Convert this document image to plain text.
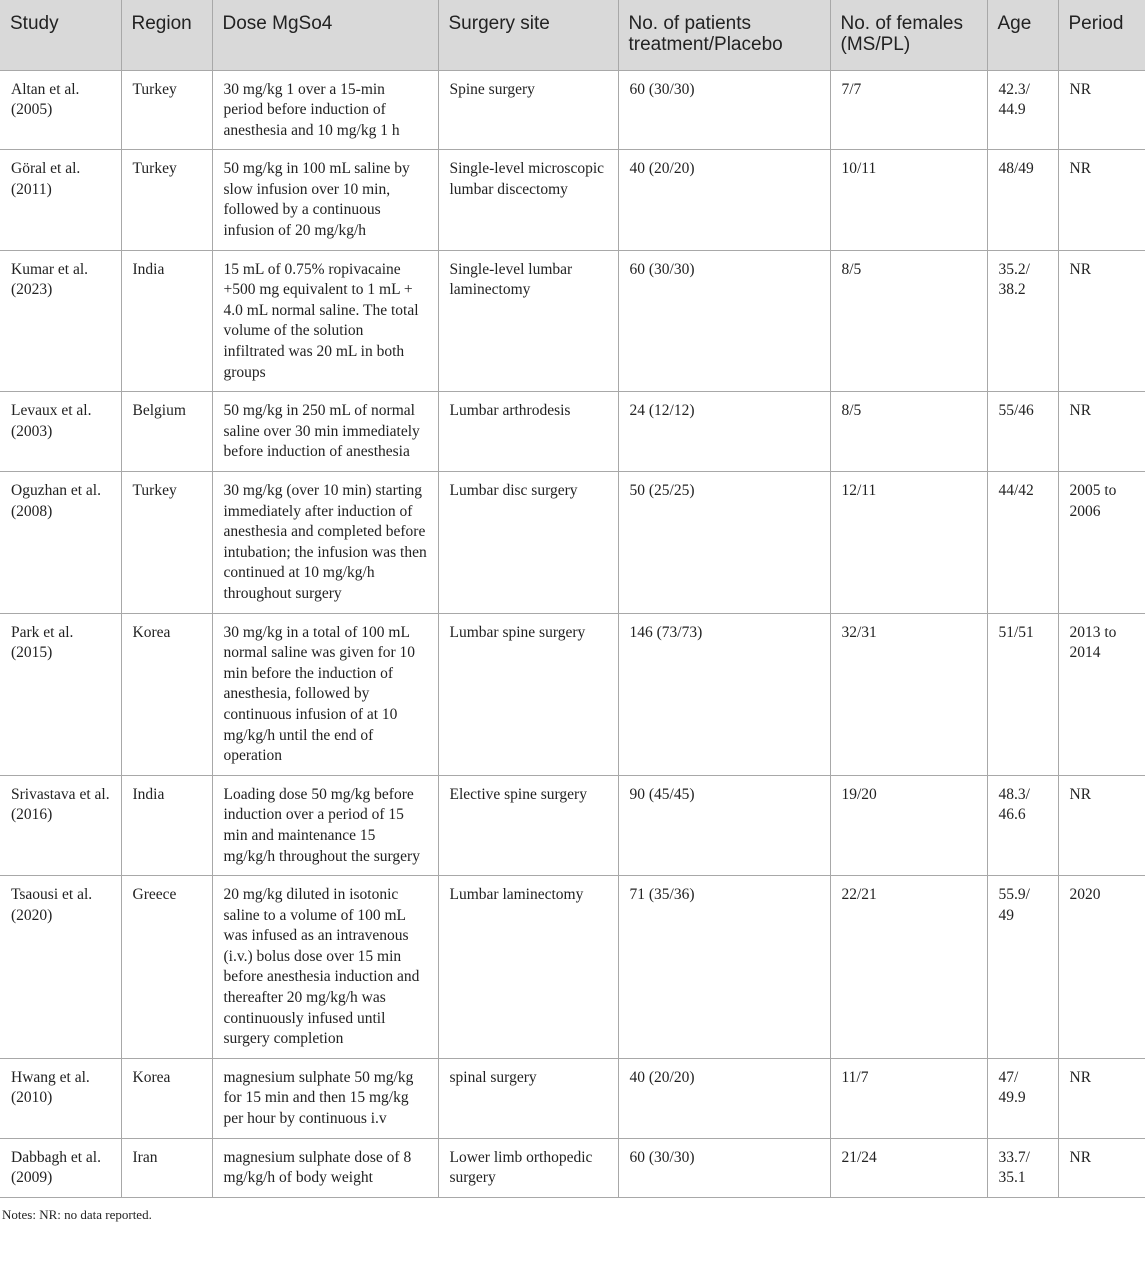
Study	Region	Dose MgSo4	Surgery site	No. of patients treatment/Placebo	No. of females (MS/PL)	Age	Period
Altan et al. (2005)	Turkey	30 mg/kg 1 over a 15-min period before induction of anesthesia and 10 mg/kg 1 h	Spine surgery	60 (30/30)	7/7	42.3/ 44.9	NR
Göral et al. (2011)	Turkey	50 mg/kg in 100 mL saline by slow infusion over 10 min, followed by a continuous infusion of 20 mg/kg/h	Single-level microscopic lumbar discectomy	40 (20/20)	10/11	48/49	NR
Kumar et al. (2023)	India	15 mL of 0.75% ropivacaine +500 mg equivalent to 1 mL + 4.0 mL normal saline. The total volume of the solution infiltrated was 20 mL in both groups	Single-level lumbar laminectomy	60 (30/30)	8/5	35.2/ 38.2	NR
Levaux et al. (2003)	Belgium	50 mg/kg in 250 mL of normal saline over 30 min immediately before induction of anesthesia	Lumbar arthrodesis	24 (12/12)	8/5	55/46	NR
Oguzhan et al. (2008)	Turkey	30 mg/kg (over 10 min) starting immediately after induction of anesthesia and completed before intubation; the infusion was then continued at 10 mg/kg/h throughout surgery	Lumbar disc surgery	50 (25/25)	12/11	44/42	2005 to 2006
Park et al. (2015)	Korea	30 mg/kg in a total of 100 mL normal saline was given for 10 min before the induction of anesthesia, followed by continuous infusion of at 10 mg/kg/h until the end of operation	Lumbar spine surgery	146 (73/73)	32/31	51/51	2013 to 2014
Srivastava et al. (2016)	India	Loading dose 50 mg/kg before induction over a period of 15 min and maintenance 15 mg/kg/h throughout the surgery	Elective spine surgery	90 (45/45)	19/20	48.3/ 46.6	NR
Tsaousi et al. (2020)	Greece	20 mg/kg diluted in isotonic saline to a volume of 100 mL was infused as an intravenous (i.v.) bolus dose over 15 min before anesthesia induction and thereafter 20 mg/kg/h was continuously infused until surgery completion	Lumbar laminectomy	71 (35/36)	22/21	55.9/ 49	2020
Hwang et al. (2010)	Korea	magnesium sulphate 50 mg/kg for 15 min and then 15 mg/kg per hour by continuous i.v	spinal surgery	40 (20/20)	11/7	47/ 49.9	NR
Dabbagh et al. (2009)	Iran	magnesium sulphate dose of 8 mg/kg/h of body weight	Lower limb orthopedic surgery	60 (30/30)	21/24	33.7/ 35.1	NR
Notes: NR: no data reported.
